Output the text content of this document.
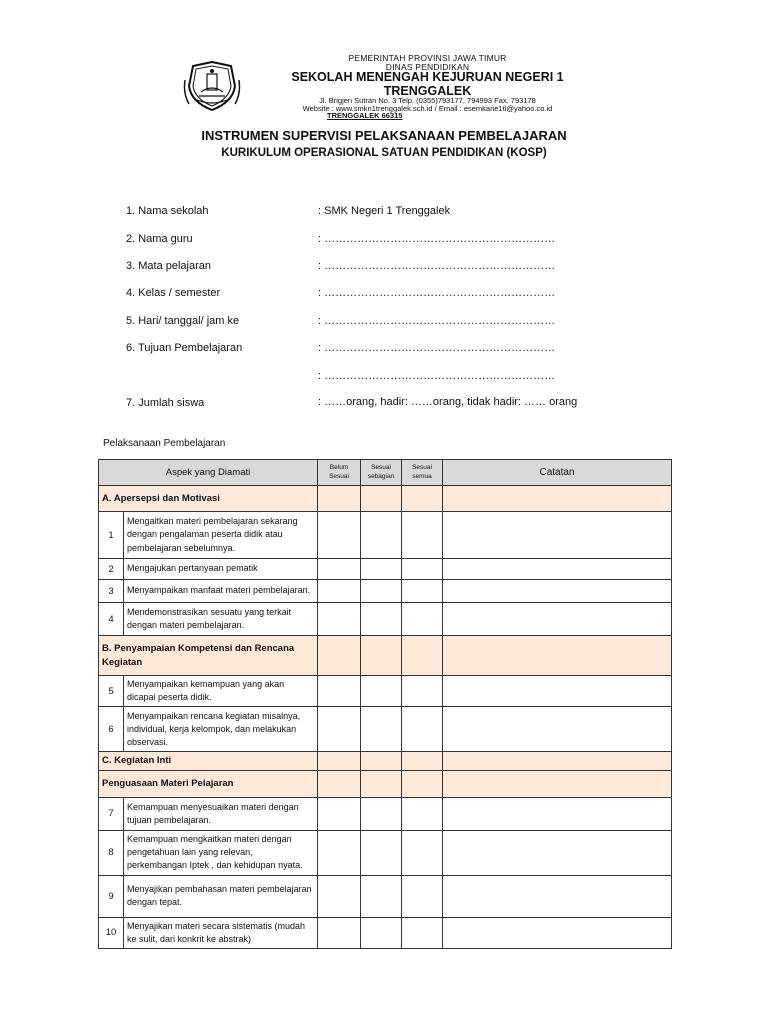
PEMERINTAH PROVINSI JAWA TIMUR
DINAS PENDIDIKAN
SEKOLAH MENENGAH KEJURUAN NEGERI 1
TRENGGALEK
Jl. Brigjen Sutran No. 3 Telp. (0355)793177, 794993 Fax. 793178
Website : www.smkn1trenggalek.sch.id / Email : esemkane1tl@yahoo.co.id
TRENGGALEK 66315
INSTRUMEN SUPERVISI PELAKSANAAN PEMBELAJARAN
KURIKULUM OPERASIONAL SATUAN PENDIDIKAN (KOSP)
1. Nama sekolah	: SMK Negeri 1 Trenggalek
2. Nama guru	: ………………………………………………………
3. Mata pelajaran	: ………………………………………………………
4. Kelas / semester	: ………………………………………………………
5. Hari/ tanggal/ jam ke	: ………………………………………………………
6. Tujuan Pembelajaran	: ………………………………………………………
: ………………………………………………………
7. Jumlah siswa	: ……orang, hadir: ……orang, tidak hadir: …… orang
Pelaksanaan Pembelajaran
Aspek yang Diamati		Belum Sesuai	Sesuai sebagian	Sesuai semua	Catatan
A. Apersepsi dan Motivasi					
1	Mengaitkan materi pembelajaran sekarang dengan pengalaman peserta didik atau pembelajaran sebelumnya.				
2	Mengajukan pertanyaan pematik				
3	Menyampaikan manfaat materi pembelajaran.				
4	Mendemonstrasikan sesuatu yang terkait dengan materi pembelajaran.				
B. Penyampaian Kompetensi dan Rencana Kegiatan					
5	Menyampaikan kemampuan yang akan dicapai peserta didik.				
6	Menyampaikan rencana kegiatan misalnya, individual, kerja kelompok, dan melakukan observasi.				
C. Kegiatan Inti					
Penguasaan Materi Pelajaran					
7	Kemampuan menyesuaikan materi dengan tujuan pembelajaran.				
8	Kemampuan mengkaitkan materi dengan pengetahuan lain yang relevan, perkembangan Iptek , dan kehidupan nyata.				
9	Menyajikan pembahasan materi pembelajaran dengan tepat.				
10	Menyajikan materi secara sistematis (mudah ke sulit, dari konkrit ke abstrak)				
